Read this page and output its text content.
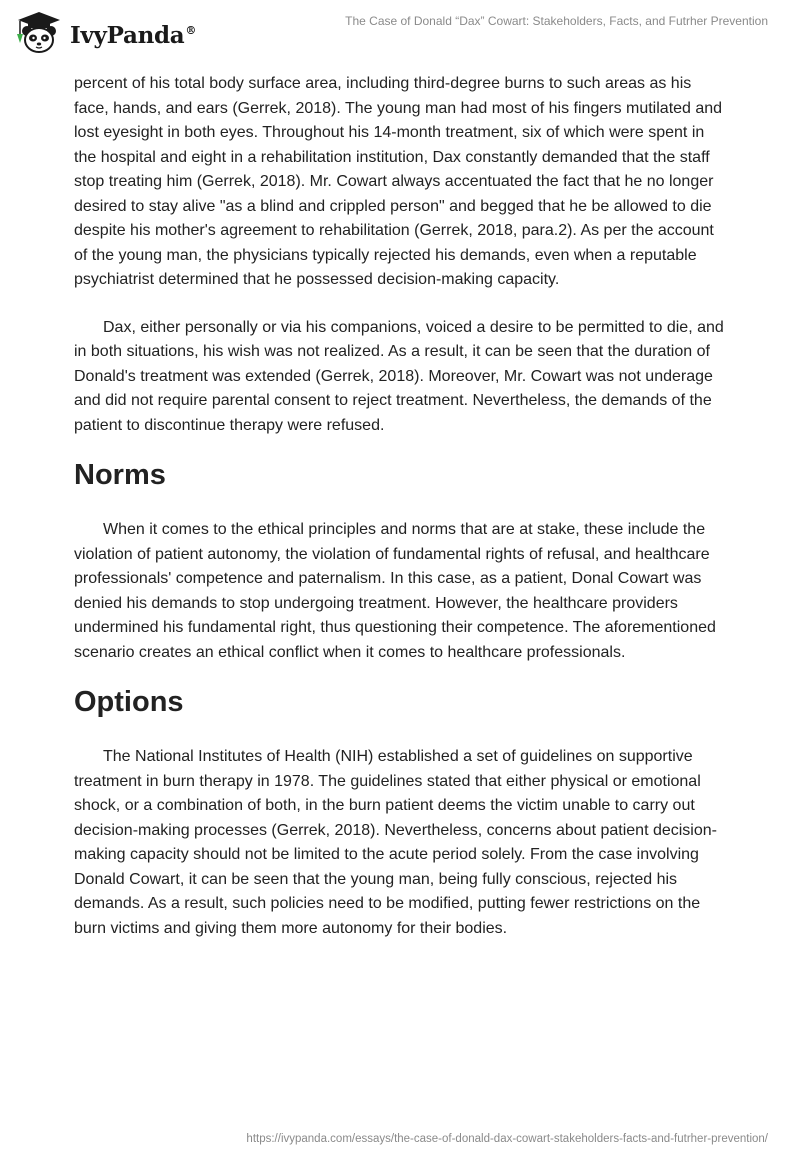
IvyPanda®
The Case of Donald “Dax” Cowart: Stakeholders, Facts, and Futrher Prevention

percent of his total body surface area, including third-degree burns to such areas as his face, hands, and ears (Gerrek, 2018). The young man had most of his fingers mutilated and lost eyesight in both eyes. Throughout his 14-month treatment, six of which were spent in the hospital and eight in a rehabilitation institution, Dax constantly demanded that the staff stop treating him (Gerrek, 2018). Mr. Cowart always accentuated the fact that he no longer desired to stay alive "as a blind and crippled person" and begged that he be allowed to die despite his mother's agreement to rehabilitation (Gerrek, 2018, para.2). As per the account of the young man, the physicians typically rejected his demands, even when a reputable psychiatrist determined that he possessed decision-making capacity.

Dax, either personally or via his companions, voiced a desire to be permitted to die, and in both situations, his wish was not realized. As a result, it can be seen that the duration of Donald's treatment was extended (Gerrek, 2018). Moreover, Mr. Cowart was not underage and did not require parental consent to reject treatment. Nevertheless, the demands of the patient to discontinue therapy were refused.

Norms

When it comes to the ethical principles and norms that are at stake, these include the violation of patient autonomy, the violation of fundamental rights of refusal, and healthcare professionals' competence and paternalism. In this case, as a patient, Donal Cowart was denied his demands to stop undergoing treatment. However, the healthcare providers undermined his fundamental right, thus questioning their competence. The aforementioned scenario creates an ethical conflict when it comes to healthcare professionals.

Options

The National Institutes of Health (NIH) established a set of guidelines on supportive treatment in burn therapy in 1978. The guidelines stated that either physical or emotional shock, or a combination of both, in the burn patient deems the victim unable to carry out decision-making processes (Gerrek, 2018). Nevertheless, concerns about patient decision-making capacity should not be limited to the acute period solely. From the case involving Donald Cowart, it can be seen that the young man, being fully conscious, rejected his demands. As a result, such policies need to be modified, putting fewer restrictions on the burn victims and giving them more autonomy for their bodies.

https://ivypanda.com/essays/the-case-of-donald-dax-cowart-stakeholders-facts-and-futrher-prevention/
